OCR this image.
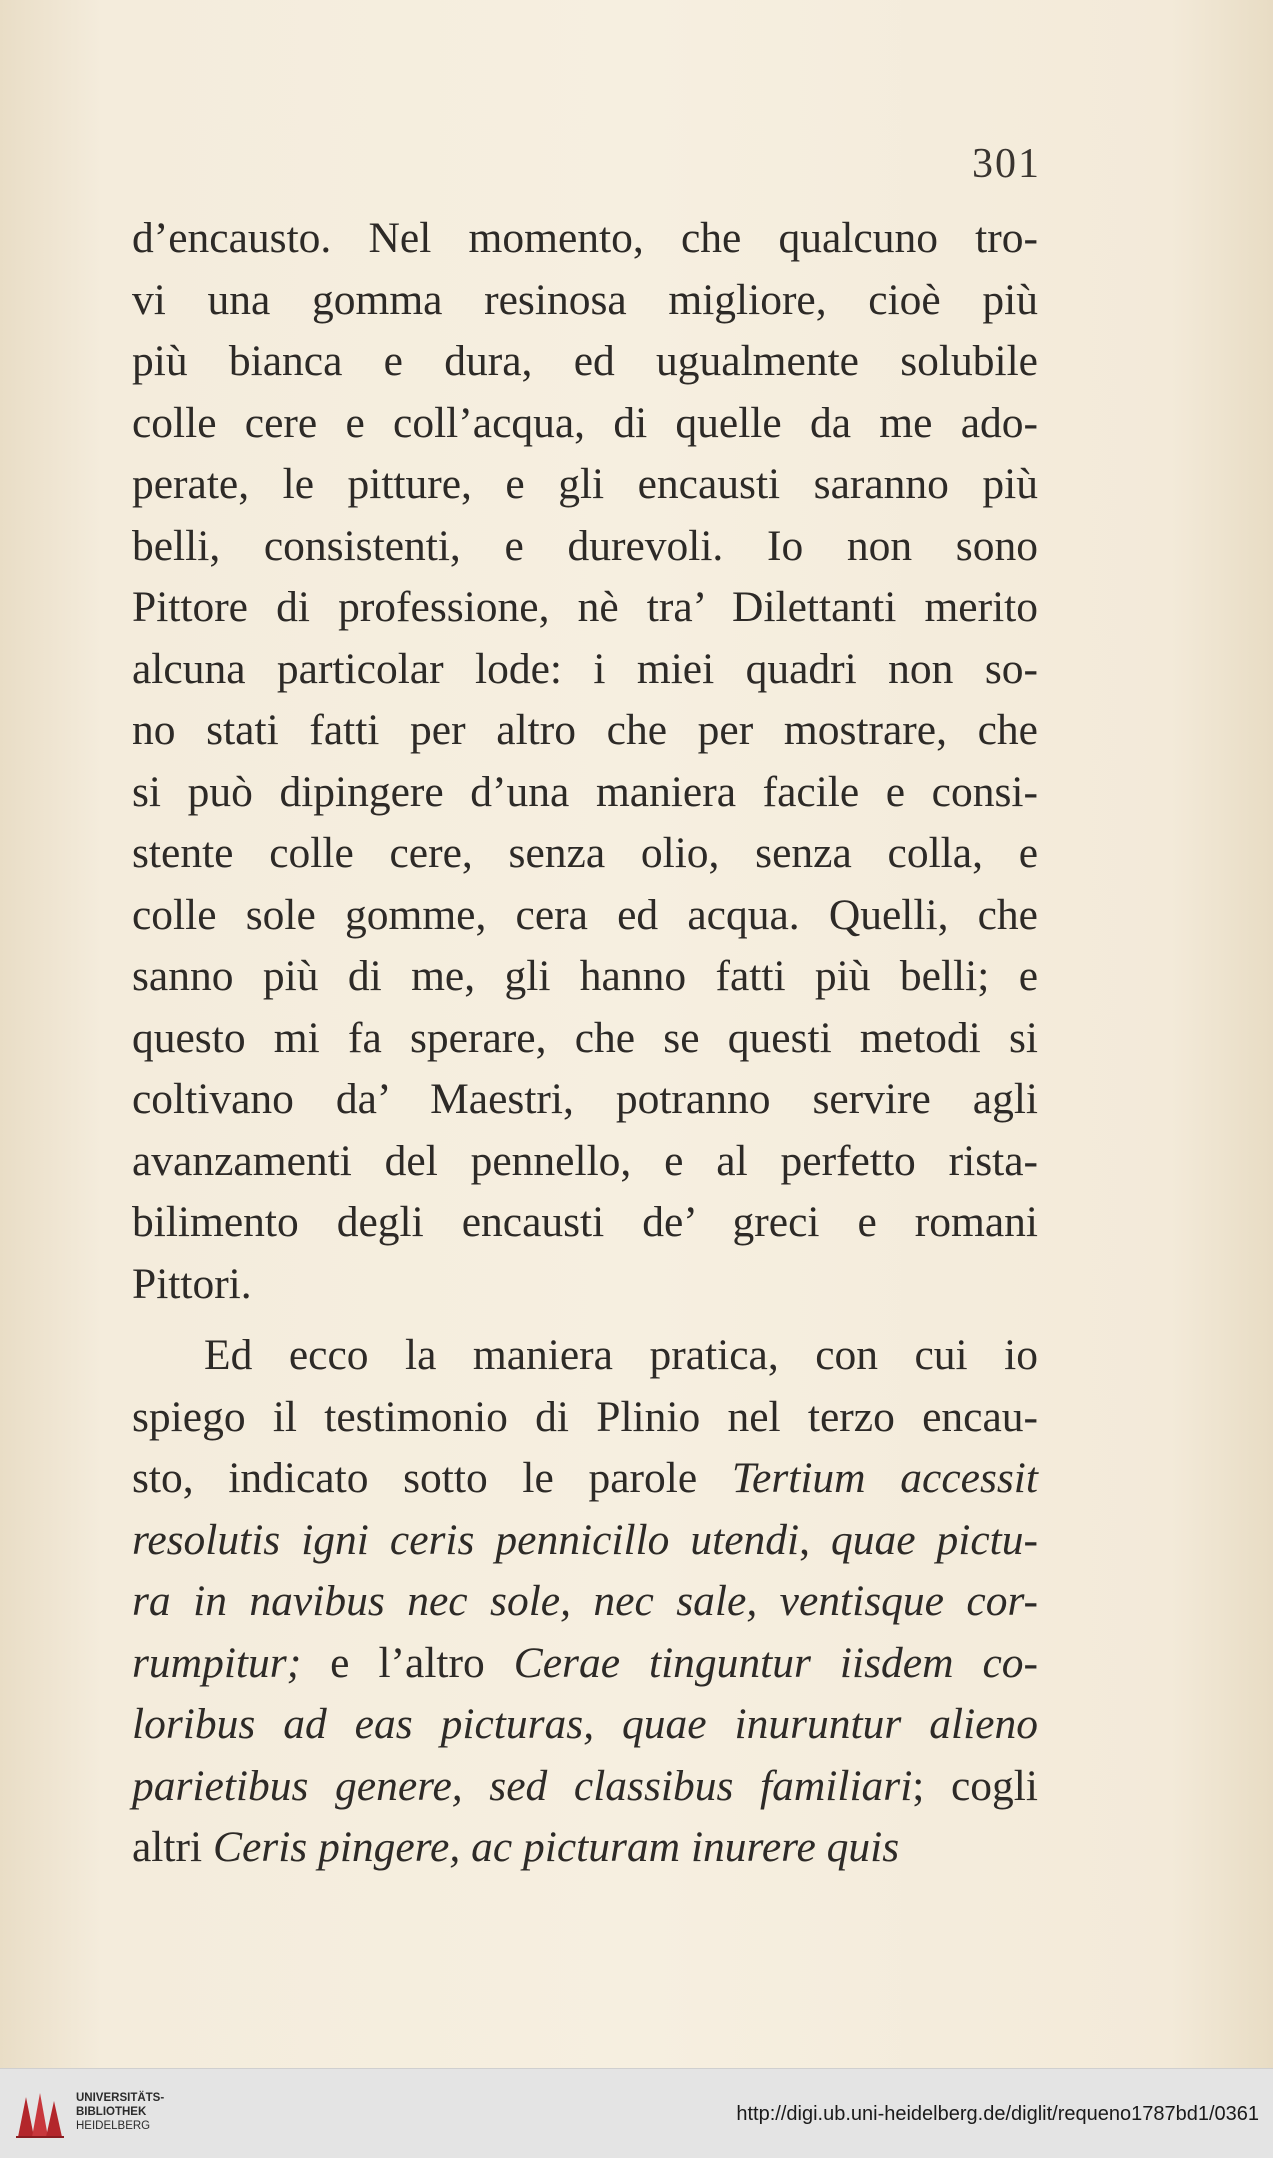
301
d’encausto. Nel momento, che qualcuno tro-
vi una gomma resinosa migliore, cioè più
più bianca e dura, ed ugualmente solubile
colle cere e coll’acqua, di quelle da me ado-
perate, le pitture, e gli encausti saranno più
belli, consistenti, e durevoli. Io non sono
Pittore di professione, nè tra’ Dilettanti merito
alcuna particolar lode: i miei quadri non so-
no stati fatti per altro che per mostrare, che
si può dipingere d’una maniera facile e consi-
stente colle cere, senza olio, senza colla, e
colle sole gomme, cera ed acqua. Quelli, che
sanno più di me, gli hanno fatti più belli; e
questo mi fa sperare, che se questi metodi si
coltivano da’ Maestri, potranno servire agli
avanzamenti del pennello, e al perfetto rista-
bilimento degli encausti de’ greci e romani
Pittori.
Ed ecco la maniera pratica, con cui io
spiego il testimonio di Plinio nel terzo encau-
sto, indicato sotto le parole Tertium accessit
resolutis igni ceris pennicillo utendi, quae pictu-
ra in navibus nec sole, nec sale, ventisque cor-
rumpitur; e l’altro Cerae tinguntur iisdem co-
loribus ad eas picturas, quae inuruntur alieno
parietibus genere, sed classibus familiari; cogli
altri Ceris pingere, ac picturam inurere quis
UNIVERSITÄTS-
BIBLIOTHEK
HEIDELBERG
http://digi.ub.uni-heidelberg.de/diglit/requeno1787bd1/0361
